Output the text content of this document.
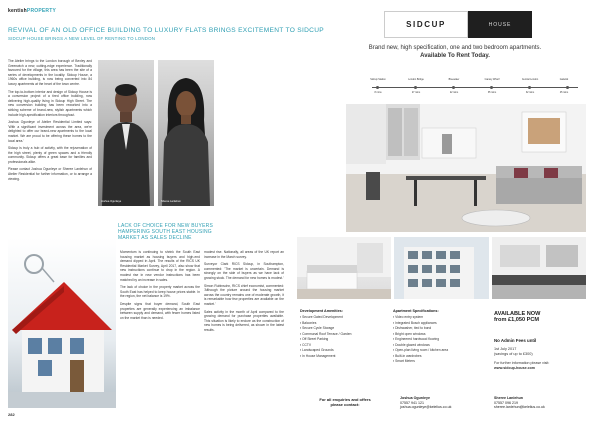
kentishPROPERTY
REVIVAL OF AN OLD OFFICE BUILDING TO LUXURY FLATS BRINGS EXCITEMENT TO SIDCUP
SIDCUP HOUSE BRINGS A NEW LEVEL OF RENTING TO LONDON

The Atelier brings to the London borough of Bexley and Greenwich a new, cutting-edge experience. Traditionally favoured for the village, this area has been the site of a series of developments in the locality. Sidcup House, a 1960s office building, is now being converted into 84 luxury apartments at the heart of the town centre.

The top-to-bottom interior and design of Sidcup House is a conversion project of a tired office building, now delivering high-quality living in Sidcup High Street. The new conversion building has been reworked into a striking scheme of brand-new, stylish apartments which include high-specification interiors throughout.

Joshua Ogunleye of Atelier Residential Limited says: 'With a significant investment across the area, we're delighted to offer our brand-new apartments to the local market. We are proud to be offering these homes to the local area.'

Sidcup is truly a hub of activity, with the rejuvenation of the high street, plenty of green spaces and a friendly community. Sidcup offers a great base for families and professionals alike.

Please contact Joshua Ogunleye or Sheree Lanlehun of Atelier Residential for further information, or to arrange a viewing.

Joshua Ogunleye	Sheree Lanlehun
SIDCUP	HOUSE
Brand new, high specification, one and two bedroom apartments.
Available To Rent Today.
Sidcup Station	London Bridge	Bluewater	Canary Wharf	Central London	Gatwick
8 mins	27 mins	22 mins	35 mins	32 mins	45 mins
LACK OF CHOICE FOR NEW BUYERS HAMPERING SOUTH EAST HOUSING MARKET AS SALES DECLINE

Momentum is continuing to shrink the South East housing market as housing buyers and high-end demand dipped in April. The results of the RICS UK Residential Market Survey, April 2017, also show that new instructions continue to drop in the region. A modest rise in new vendor instructions has been matched by an increase in sales.

The lack of choice in the property market across the South East has helped to keep house prices stable. In the region, the net balance is 19%.

Despite signs that buyer demand, South East properties are generally experiencing an imbalance between supply and demand, with fewer homes listed on the market than is needed.

modest rise. Nationally, all areas of the UK report an increase in the March survey.

Surveyor Clark RICS Sidcup, in Southampton, commented: 'The market is uncertain. Demand is strongly on the side of buyers as we have lack of growing stock. The demand for new homes is modest.'

Simon Rubinsohn, RICS chief economist, commented: 'Although the picture around the housing market across the country remains one of moderate growth, it is remarkable how few properties are available on the market.'

Sales activity in the month of April compared to the growing demand for purchase properties available. This situation is likely to endure as the construction of new homes is being delivered, as shown in the latest results.

Development Amenities:
▪ Secure Gated Development
▪ Balconies
▪ Secure Cycle Storage
▪ Communal Roof Terrace / Garden
▪ Off Street Parking
▪ CCTV
▪ Landscaped Grounds
▪ In House Management
Apartment Specifications:
▪ Video entry system
▪ Integrated Bosch appliances
▪ Dishwasher, tied to bond
▪ Bright open windows
▪ Engineered hardwood flooring
▪ Double glazed windows
▪ Open-plan living room / kitchen area
▪ Built-in wardrobes
▪ Smart Meters
AVAILABLE NOW
from £1,050 PCM
No Admin Fees until
1st July 2017
(savings of up to £300)
For further information please visit:
www.sidcup-house.com
For all enquiries and offers
please contact:
Joshua Ogunleye
07557 941 121
joshua.ogunleye@kelelius.co.uk
Sheree Lanlehun
07557 096 219
sheree.lanlehun@kelelius.co.uk
282
